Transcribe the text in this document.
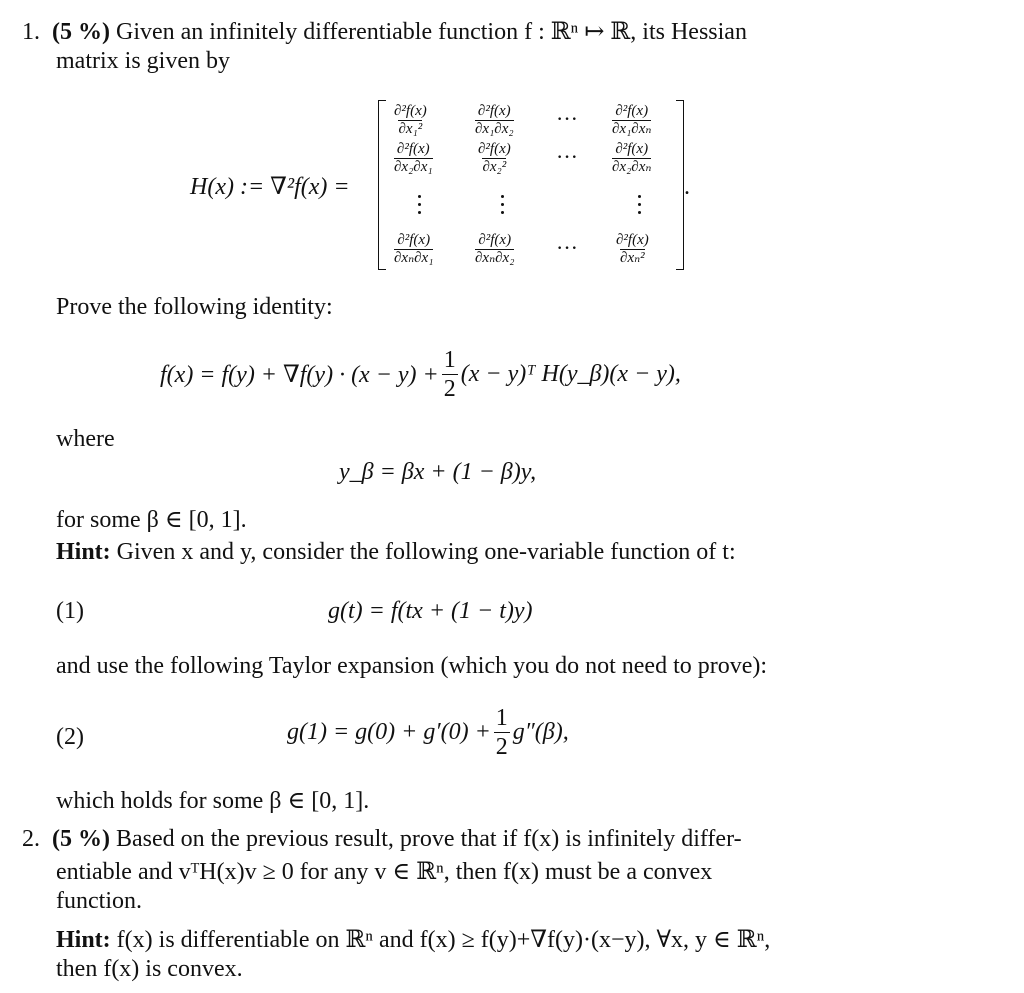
1. (5 %) Given an infinitely differentiable function f : ℝⁿ ↦ ℝ, its Hessian
matrix is given by
H(x) := ∇²f(x) =
$\frac{\text{∂²f(x)}}{\text{∂x₁²}}$	$\frac{\text{∂²f(x)}}{\text{∂x₁∂x₂}}$ ··· $\frac{\text{∂²f(x)}}{\text{∂x₁∂xₙ}}$
$\frac{\text{∂²f(x)}}{\text{∂x₂∂x₁}}$	$\frac{\text{∂²f(x)}}{\text{∂x₂²}}$ ··· $\frac{\text{∂²f(x)}}{\text{∂x₂∂xₙ}}$
$\frac{\text{∂²f(x)}}{\text{∂xₙ∂x₁}}$	$\frac{\text{∂²f(x)}}{\text{∂xₙ∂x₂}}$ ···	$\frac{\text{∂²f(x)}}{\text{∂xₙ²}}$
.
Prove the following identity:
$f(x) = f(y) + \nabla f(y) \cdot (x - y) + \frac{1}{2} (x$ − y)ᵀ H(y_β)(x − y),
where
y_β = βx + (1 − β)y,
for some β ∈ [0, 1].
Hint: Given x and y, consider the following one-variable function of t:
(1)	g(t) = f(tx + (1 − t)y)
and use the following Taylor expansion (which you do not need to prove):
(2)	$g(1) = g(0) + g'(0) + \frac{1}{2} g''(\beta)$,
which holds for some β ∈ [0, 1].
2. (5 %) Based on the previous result, prove that if f(x) is infinitely differ-
entiable and vᵀH(x)v ≥ 0 for any v ∈ ℝⁿ, then f(x) must be a convex
function.
Hint: f(x) is differentiable on ℝⁿ and f(x) ≥ f(y)+∇f(y)·(x−y), ∀x, y ∈ ℝⁿ,
then f(x) is convex.
